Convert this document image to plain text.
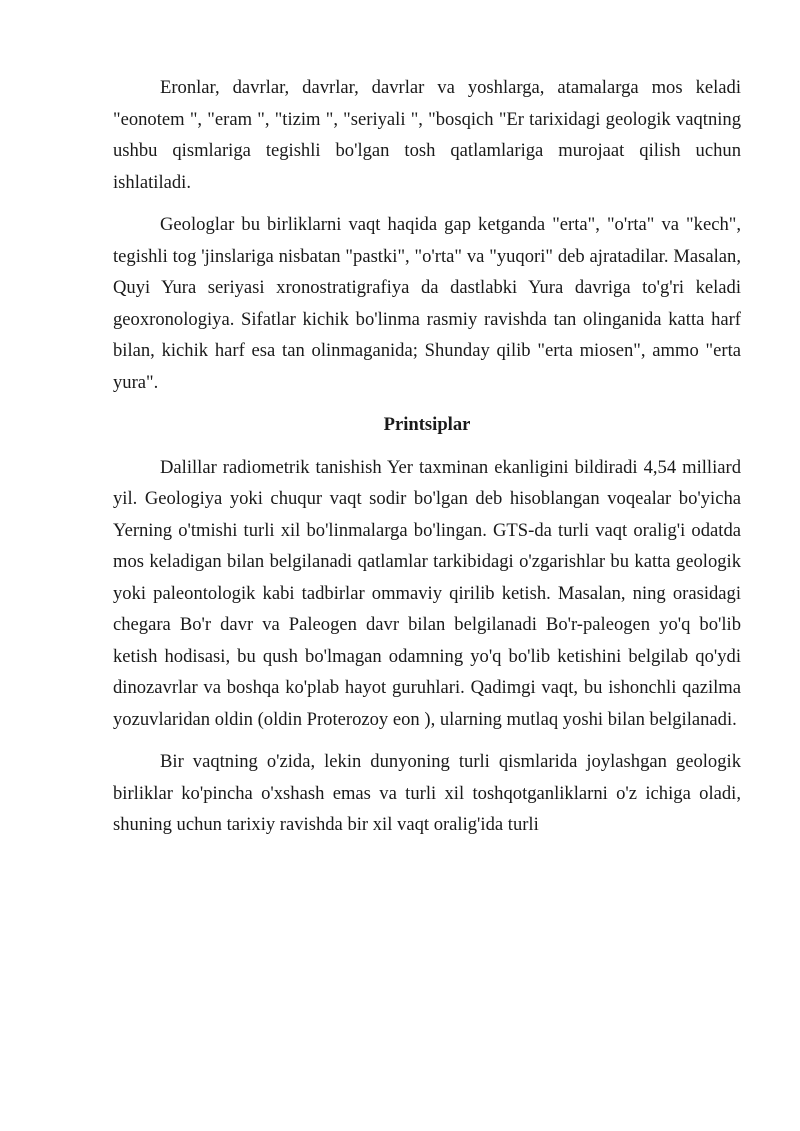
Eronlar, davrlar, davrlar, davrlar va yoshlarga, atamalarga mos keladi "eonotem ", "eram ", "tizim ", "seriyali ", "bosqich "Er tarixidagi geologik vaqtning ushbu qismlariga tegishli bo'lgan tosh qatlamlariga murojaat qilish uchun ishlatiladi.

Geologlar bu birliklarni vaqt haqida gap ketganda "erta", "o'rta" va "kech", tegishli tog 'jinslariga nisbatan "pastki", "o'rta" va "yuqori" deb ajratadilar. Masalan, Quyi Yura seriyasi xronostratigrafiya da dastlabki Yura davriga to'g'ri keladi geoxronologiya. Sifatlar kichik bo'linma rasmiy ravishda tan olinganida katta harf bilan, kichik harf esa tan olinmaganida; Shunday qilib "erta miosen", ammo "erta yura".

Printsiplar

Dalillar radiometrik tanishish Yer taxminan ekanligini bildiradi 4,54 milliard yil. Geologiya yoki chuqur vaqt sodir bo'lgan deb hisoblangan voqealar bo'yicha Yerning o'tmishi turli xil bo'linmalarga bo'lingan. GTS-da turli vaqt oralig'i odatda mos keladigan bilan belgilanadi qatlamlar tarkibidagi o'zgarishlar bu katta geologik yoki paleontologik kabi tadbirlar ommaviy qirilib ketish. Masalan, ning orasidagi chegara Bo'r davr va Paleogen davr bilan belgilanadi Bo'r-paleogen yo'q bo'lib ketish hodisasi, bu qush bo'lmagan odamning yo'q bo'lib ketishini belgilab qo'ydi dinozavrlar va boshqa ko'plab hayot guruhlari. Qadimgi vaqt, bu ishonchli qazilma yozuvlaridan oldin (oldin Proterozoy eon ), ularning mutlaq yoshi bilan belgilanadi.

Bir vaqtning o'zida, lekin dunyoning turli qismlarida joylashgan geologik birliklar ko'pincha o'xshash emas va turli xil toshqotganliklarni o'z ichiga oladi, shuning uchun tarixiy ravishda bir xil vaqt oralig'ida turli
